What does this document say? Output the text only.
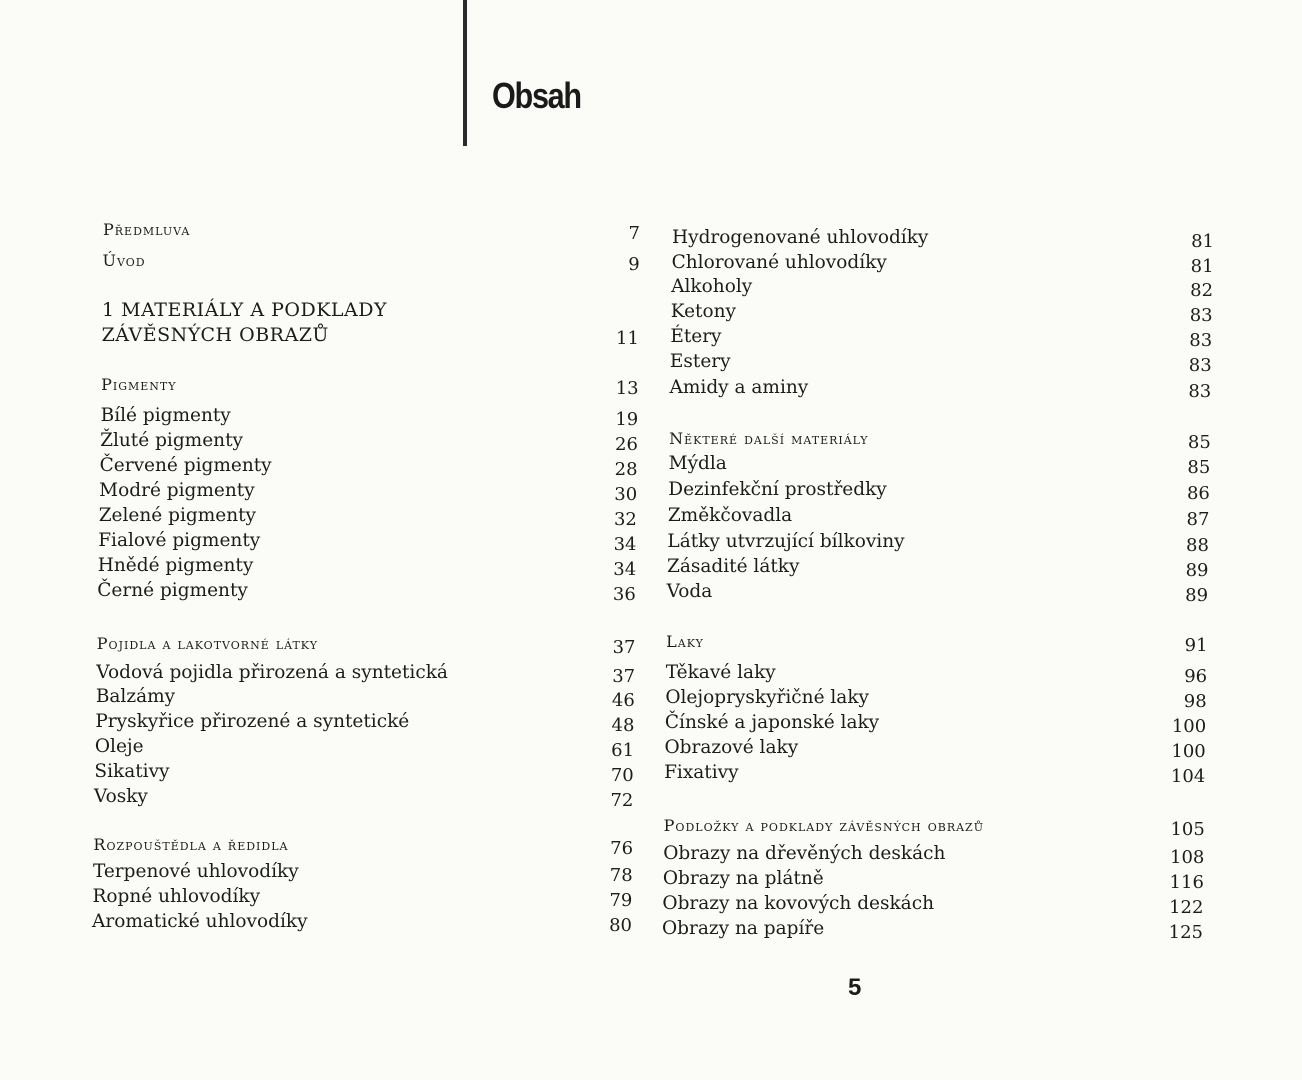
Obsah
Předmluva	7
Úvod	9
1 MATERIÁLY A PODKLADY
ZÁVĚSNÝCH OBRAZŮ	11
Pigmenty	13
Bílé pigmenty	19
Žluté pigmenty	26
Červené pigmenty	28
Modré pigmenty	30
Zelené pigmenty	32
Fialové pigmenty	34
Hnědé pigmenty	34
Černé pigmenty	36
Pojidla a lakotvorné látky	37
Vodová pojidla přirozená a syntetická	37
Balzámy	46
Pryskyřice přirozené a syntetické	48
Oleje	61
Sikativy	70
Vosky	72
Rozpouštědla a ředidla	76
Terpenové uhlovodíky	78
Ropné uhlovodíky	79
Aromatické uhlovodíky	80
Hydrogenované uhlovodíky	81
Chlorované uhlovodíky	81
Alkoholy	82
Ketony	83
Étery	83
Estery	83
Amidy a aminy	83
Některé další materiály	85
Mýdla	85
Dezinfekční prostředky	86
Změkčovadla	87
Látky utvrzující bílkoviny	88
Zásadité látky	89
Voda	89
Laky	91
Těkavé laky	96
Olejopryskyřičné laky	98
Čínské a japonské laky	100
Obrazové laky	100
Fixativy	104
Podložky a podklady závěsných obrazů	105
Obrazy na dřevěných deskách	108
Obrazy na plátně	116
Obrazy na kovových deskách	122
Obrazy na papíře	125
5
